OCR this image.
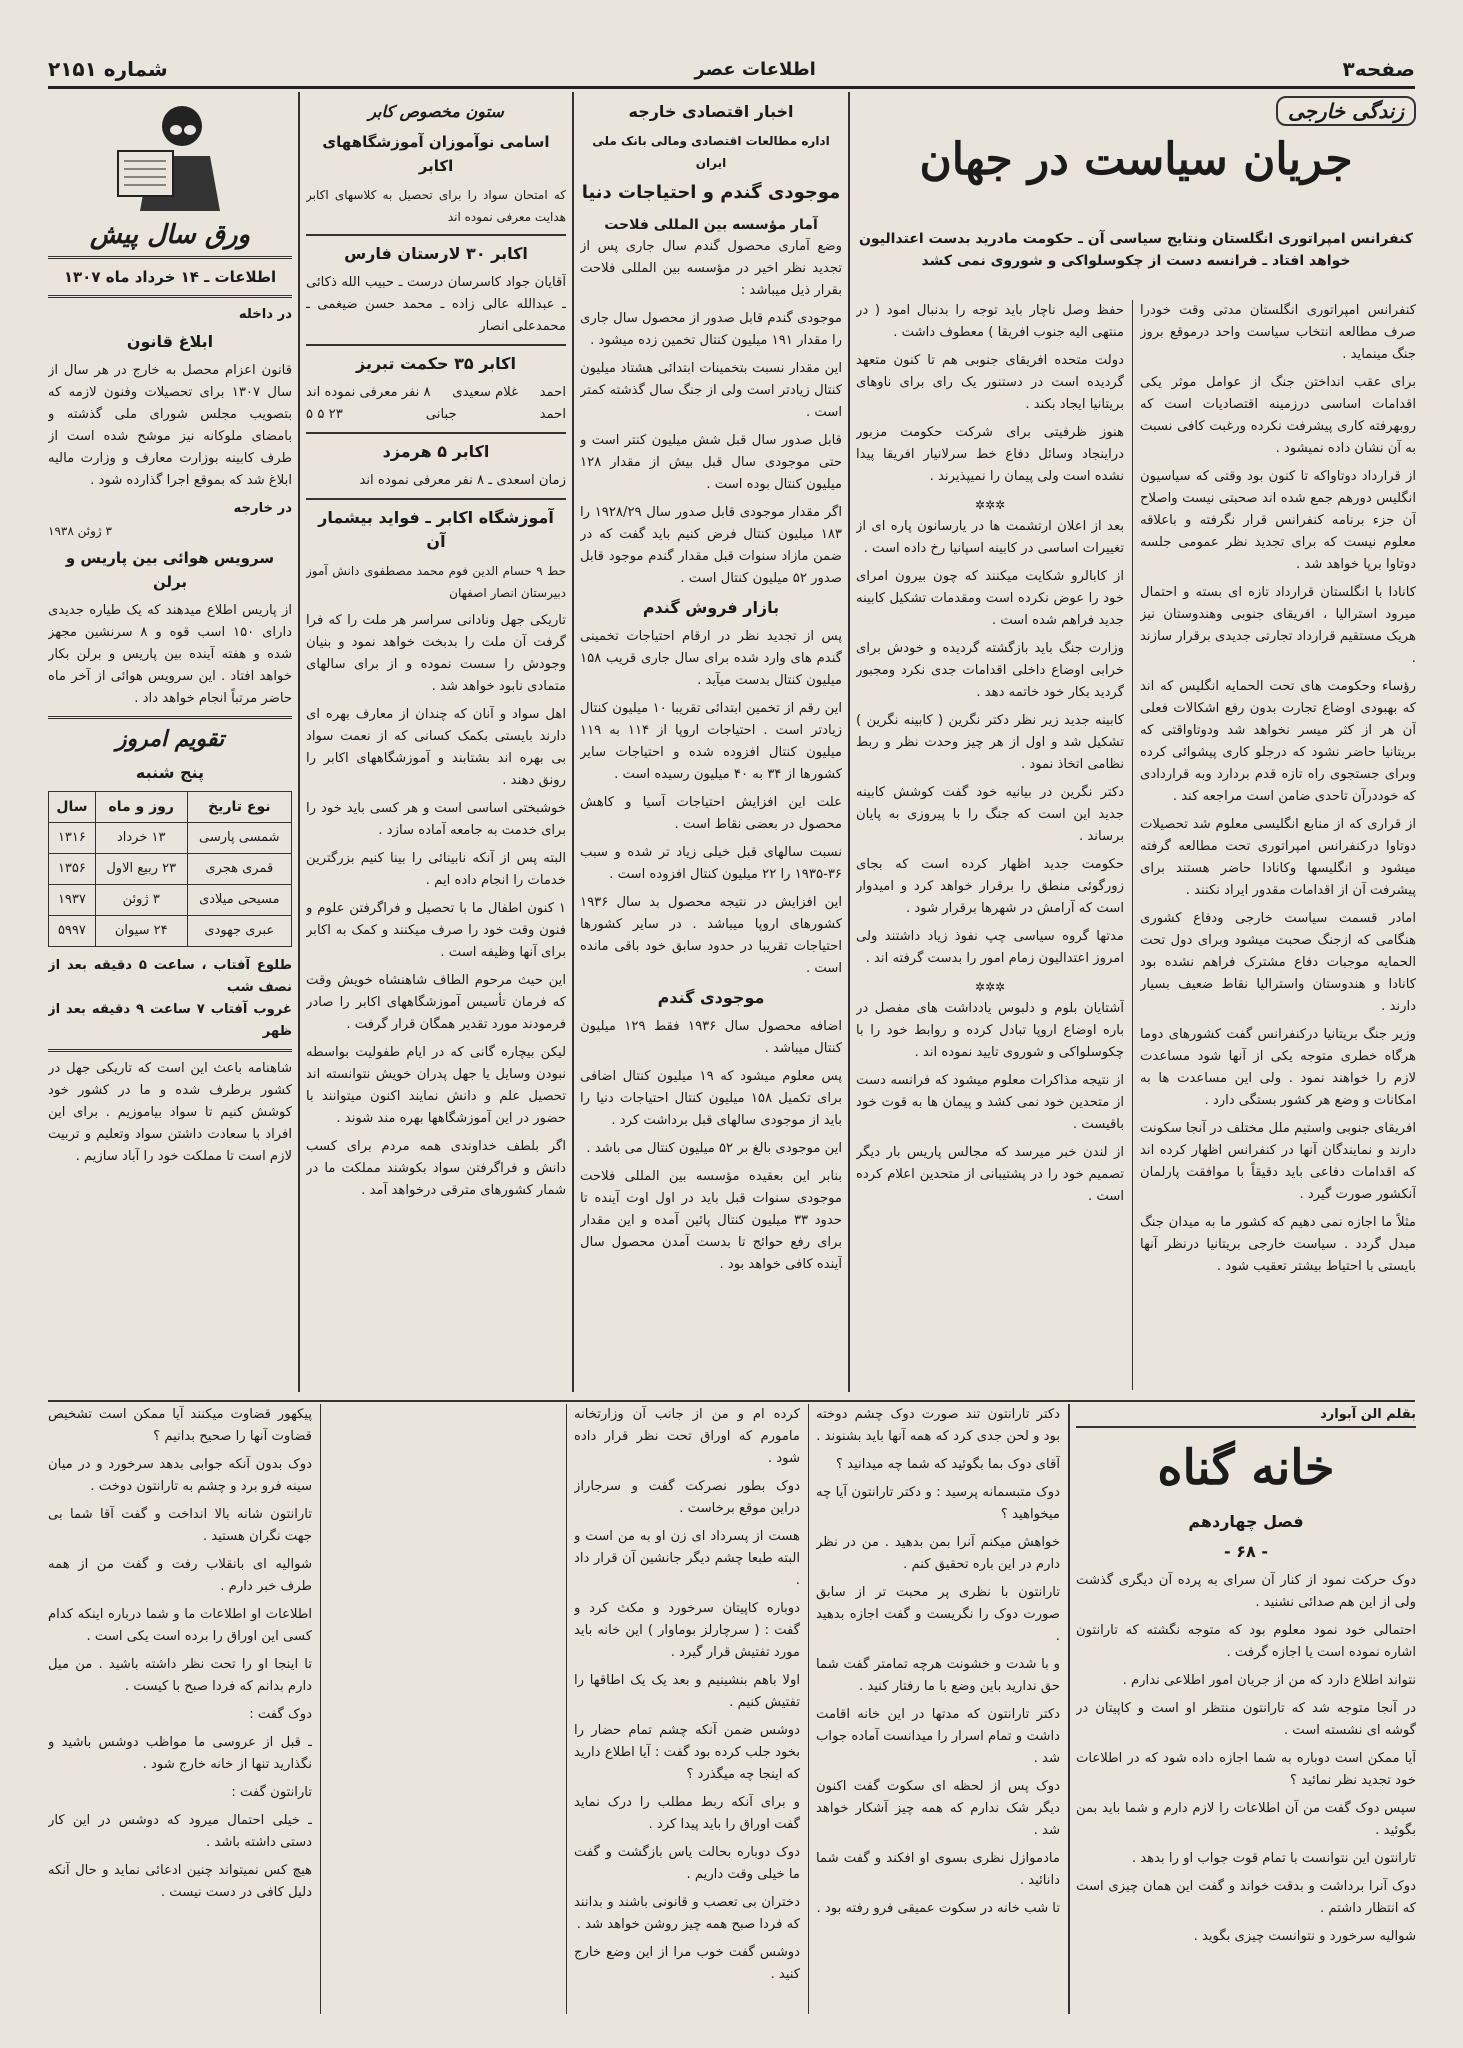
صفحه۳
اطلاعات عصر
شماره ۲۱۵۱
زندگی خارجی
جریان سیاست در جهان
کنفرانس امپراتوری انگلستان ونتایج سیاسی آن ـ حکومت مادرید بدست اعتدالیون خواهد افتاد ـ فرانسه دست از چکوسلواکی و شوروی نمی کشد

کنفرانس امپراتوری انگلستان مدتی وقت خودرا صرف مطالعه انتخاب سیاست واحد درموقع بروز جنگ مینماید .

برای عقب انداختن جنگ از عوامل موثر یکی اقدامات اساسی درزمینه اقتصادیات است که روبهرفته کاری پیشرفت نکرده ورغبت کافی نسبت به آن نشان داده نمیشود .

از قرارداد دوتاواکه تا کنون بود وقتی که سیاسیون انگلیس دورهم جمع شده اند صحبتی نیست واصلاح آن جزء برنامه کنفرانس قرار نگرفته و باعلاقه معلوم نیست که برای تجدید نظر عمومی جلسه دوتاوا برپا خواهد شد .

کانادا با انگلستان قرارداد تازه ای بسته و احتمال میرود استرالیا ، افریقای جنوبی وهندوستان نیز هریک مستقیم قرارداد تجارتی جدیدی برقرار سازند .

رؤساء وحکومت های تحت الحمایه انگلیس که اند که بهبودی اوضاع تجارت بدون رفع اشکالات فعلی آن هر از کثر میسر نخواهد شد ودوتاواقتی که بریتانیا حاضر نشود که درجلو کاری پیشوائی کرده وبرای جستجوی راه تازه قدم بردارد وبه قراردادی که خوددرآن تاحدی ضامن است مراجعه کند .

از قراری که از منابع انگلیسی معلوم شد تحصیلات دوتاوا درکنفرانس امپراتوری تحت مطالعه گرفته میشود و انگلیسها وکانادا حاضر هستند برای پیشرفت آن از اقدامات مقدور ایراد نکنند .

امادر قسمت سیاست خارجی ودفاع کشوری هنگامی که ازجنگ صحبت میشود وبرای دول تحت الحمایه موجبات دفاع مشترک فراهم نشده بود کانادا و هندوستان واسترالیا نقاط ضعیف بسیار دارند .

وزیر جنگ بریتانیا درکنفرانس گفت کشورهای دوما هرگاه خطری متوجه یکی از آنها شود مساعدت لازم را خواهند نمود . ولی این مساعدت ها به امکانات و وضع هر کشور بستگی دارد .

افریقای جنوبی واستیم ملل مختلف در آنجا سکونت دارند و نمایندگان آنها در کنفرانس اظهار کرده اند که اقدامات دفاعی باید دقیقاً با موافقت پارلمان آنکشور صورت گیرد .

مثلاً ما اجازه نمی دهیم که کشور ما به میدان جنگ مبدل گردد . سیاست خارجی بریتانیا درنظر آنها بایستی با احتیاط بیشتر تعقیب شود .

حفظ وصل ناچار باید توجه را بدنبال امود ( در منتهی الیه جنوب افریقا ) معطوف داشت .

دولت متحده افریقای جنوبی هم تا کنون متعهد گردیده است در دستنور یک رای برای ناوهای بریتانیا ایجاد بکند .

هنوز ظرفیتی برای شرکت حکومت مزبور دراینجاد وسائل دفاع خط سرلانیار افریقا پیدا نشده است ولی پیمان را نمیپذیرند .

✲✲✲

بعد از اعلان ارتشمت ها در یارسانون پاره ای از تغییرات اساسی در کابینه اسپانیا رخ داده است .

از کابالرو شکایت میکنند که چون بیرون امرای خود را عوض نکرده است ومقدمات تشکیل کابینه جدید فراهم شده است .

وزارت جنگ باید بازگشته گردیده و خودش برای خرابی اوضاع داخلی اقدامات جدی نکرد ومجبور گردید بکار خود خاتمه دهد .

کابینه جدید زیر نظر دکتر نگرین ( کابینه نگرین ) تشکیل شد و اول از هر چیز وحدت نظر و ربط نظامی اتخاذ نمود .

دکتر نگرین در بیانیه خود گفت کوشش کابینه جدید این است که جنگ را با پیروزی به پایان برساند .

حکومت جدید اظهار کرده است که بجای زورگوئی منطق را برقرار خواهد کرد و امیدوار است که آرامش در شهرها برقرار شود .

مدتها گروه سیاسی چپ نفوذ زیاد داشتند ولی امروز اعتدالیون زمام امور را بدست گرفته اند .

✲✲✲

آشتایان بلوم و دلبوس یادداشت های مفصل در باره اوضاع اروپا تبادل کرده و روابط خود را با چکوسلواکی و شوروی تایید نموده اند .

از نتیجه مذاکرات معلوم میشود که فرانسه دست از متحدین خود نمی کشد و پیمان ها به قوت خود باقیست .

از لندن خبر میرسد که مجالس پاریس بار دیگر تصمیم خود را در پشتیبانی از متحدین اعلام کرده است .

اخبار اقتصادی خارجه
اداره مطالعات اقتصادی ومالی بانک ملی ایران
موجودی گندم و احتیاجات دنیا
آمار مؤسسه بین المللی فلاحت

وضع آماری محصول گندم سال جاری پس از تجدید نظر اخیر در مؤسسه بین المللی فلاحت بقرار ذیل میباشد :

موجودی گندم قابل صدور از محصول سال جاری را مقدار ۱۹۱ میلیون کنتال تخمین زده میشود .

این مقدار نسبت بتخمینات ابتدائی هشتاد میلیون کنتال زیادتر است ولی از جنگ سال گذشته کمتر است .

قابل صدور سال قبل شش میلیون کنتر است و حتی موجودی سال قبل بیش از مقدار ۱۲۸ میلیون کنتال بوده است .

اگر مقدار موجودی قابل صدور سال ۱۹۲۸/۲۹ را ۱۸۳ میلیون کنتال فرض کنیم باید گفت که در ضمن مازاد سنوات قبل مقدار گندم موجود قابل صدور ۵۲ میلیون کنتال است .

بازار فروش گندم

پس از تجدید نظر در ارقام احتیاجات تخمینی گندم های وارد شده برای سال جاری قریب ۱۵۸ میلیون کنتال بدست میآید .

این رقم از تخمین ابتدائی تقریبا ۱۰ میلیون کنتال زیادتر است . احتیاجات اروپا از ۱۱۴ به ۱۱۹ میلیون کنتال افزوده شده و احتیاجات سایر کشورها از ۳۴ به ۴۰ میلیون رسیده است .

علت این افزایش احتیاجات آسیا و کاهش محصول در بعضی نقاط است .

نسبت سالهای قبل خیلی زیاد تر شده و سبب ۳۶-۱۹۳۵ را ۲۲ میلیون کنتال افزوده است .

این افزایش در نتیجه محصول بد سال ۱۹۳۶ کشورهای اروپا میباشد . در سایر کشورها احتیاجات تقریبا در حدود سابق خود باقی مانده است .

موجودی گندم

اضافه محصول سال ۱۹۳۶ فقط ۱۲۹ میلیون کنتال میباشد .

پس معلوم میشود که ۱۹ میلیون کنتال اضافی برای تکمیل ۱۵۸ میلیون کنتال احتیاجات دنیا را باید از موجودی سالهای قبل برداشت کرد .

این موجودی بالغ بر ۵۲ میلیون کنتال می باشد .

بنابر این بعقیده مؤسسه بین المللی فلاحت موجودی سنوات قبل باید در اول اوت آینده تا حدود ۳۳ میلیون کنتال پائین آمده و این مقدار برای رفع حوائج تا بدست آمدن محصول سال آینده کافی خواهد بود .

ستون مخصوص کابر
اسامی نوآموزان آموزشگاههای اکابر

که امتحان سواد را برای تحصیل به کلاسهای اکابر هدایت معرفی نموده اند

اکابر ۳۰ لارستان فارس

آقایان جواد کاسرسان درست ـ حبیب الله ذکائی ـ عبدالله عالی زاده ـ محمد حسن ضیغمی ـ محمدعلی انصار

اکابر ۳۵ حکمت تبریز
احمد
غلام سعیدی
۸ نفر معرفی نموده اند
احمد
جبانی
۲۳ ۵ ۵
اکابر ۵ هرمزد

زمان اسعدی ـ ۸ نفر معرفی نموده اند

آموزشگاه اکابر ـ فواید بیشمار آن

حط ۹ حسام الدین فوم محمد مصطفوی دانش آموز دبیرستان انصار اصفهان

تاریکی جهل ونادانی سراسر هر ملت را که فرا گرفت آن ملت را بدبخت خواهد نمود و بنیان وجودش را سست نموده و از برای سالهای متمادی نابود خواهد شد .

اهل سواد و آنان که چندان از معارف بهره ای دارند بایستی بکمک کسانی که از نعمت سواد بی بهره اند بشتابند و آموزشگاههای اکابر را رونق دهند .

خوشبختی اساسی است و هر کسی باید خود را برای خدمت به جامعه آماده سازد .

البته پس از آنکه نابینائی را بینا کنیم بزرگترین خدمات را انجام داده ایم .

۱ کنون اطفال ما با تحصیل و فراگرفتن علوم و فنون وقت خود را صرف میکنند و کمک به اکابر برای آنها وظیفه است .

این حیث مرحوم الطاف شاهنشاه خویش وقت که فرمان تأسیس آموزشگاههای اکابر را صادر فرمودند مورد تقدیر همگان قرار گرفت .

لیکن بیچاره گانی که در ایام طفولیت بواسطه نبودن وسایل یا جهل پدران خویش نتوانسته اند تحصیل علم و دانش نمایند اکنون میتوانند با حضور در این آموزشگاهها بهره مند شوند .

اگر بلطف خداوندی همه مردم برای کسب دانش و فراگرفتن سواد بکوشند مملکت ما در شمار کشورهای مترقی درخواهد آمد .

ورق سال پیش
اطلاعات ـ ۱۴ خرداد ماه ۱۳۰۷
در داخله
ابلاغ قانون

قانون اعزام محصل به خارج در هر سال از سال ۱۳۰۷ برای تحصیلات وفنون لازمه که بتصویب مجلس شورای ملی گذشته و بامضای ملوکانه نیز موشح شده است از طرف کابینه بوزارت معارف و وزارت مالیه ابلاغ شد که بموقع اجرا گذارده شود .

در خارجه
۳ ژوئن ۱۹۳۸
سرویس هوائی بین پاریس و برلن

از پاریس اطلاع میدهند که یک طیاره جدیدی دارای ۱۵۰ اسب قوه و ۸ سرنشین مجهز شده و هفته آینده بین پاریس و برلن بکار خواهد افتاد . این سرویس هوائی از آخر ماه حاضر مرتباً انجام خواهد داد .

تقویم امروز
پنج شنبه
نوع تاریخ	روز و ماه	سال
شمسی پارسی	۱۳ خرداد	۱۳۱۶
قمری هجری	۲۳ ربیع الاول	۱۳۵۶
مسیحی میلادی	۳ ژوئن	۱۹۳۷
عبری جهودی	۲۴ سیوان	۵۹۹۷
طلوع آفتاب ، ساعت ۵ دقیقه بعد از نصف شب
غروب آفتاب ۷ ساعت ۹ دقیقه بعد از ظهر

شاهنامه باعث این است که تاریکی جهل در کشور برطرف شده و ما در کشور خود کوشش کنیم تا سواد بیاموزیم . برای این افراد با سعادت داشتن سواد وتعلیم و تربیت لازم است تا مملکت خود را آباد سازیم .

بقلم الن آبوارد
خانه گناه
فصل چهاردهم
- ۶۸ -

دوک حرکت نمود از کنار آن سرای به پرده آن دیگری گذشت ولی از این هم صدائی نشنید .

احتمالی خود نمود معلوم بود که متوجه نگشته که تارانتون اشاره نموده است یا اجازه گرفت .

نتواند اطلاع دارد که من از جریان امور اطلاعی ندارم .

در آنجا متوجه شد که تارانتون منتظر او است و کاپیتان در گوشه ای نشسته است .

آیا ممکن است دوباره به شما اجازه داده شود که در اطلاعات خود تجدید نظر نمائید ؟

سپس دوک گفت من آن اطلاعات را لازم دارم و شما باید بمن بگوئید .

تارانتون این نتوانست با تمام قوت جواب او را بدهد .

دوک آنرا برداشت و بدقت خواند و گفت این همان چیزی است که انتظار داشتم .

شوالیه سرخورد و نتوانست چیزی بگوید .

دکتر تارانتون تند صورت دوک چشم دوخته بود و لحن جدی کرد که همه آنها باید بشنوند .

آقای دوک بما بگوئید که شما چه میدانید ؟

دوک متبسمانه پرسید : و دکتر تارانتون آیا چه میخواهید ؟

خواهش میکنم آنرا بمن بدهید . من در نظر دارم در این باره تحقیق کنم .

تارانتون با نظری پر محبت تر از سابق صورت دوک را نگریست و گفت اجازه بدهید .

و با شدت و خشونت هرچه تمامتر گفت شما حق ندارید باین وضع با ما رفتار کنید .

دکتر تارانتون که مدتها در این خانه اقامت داشت و تمام اسرار را میدانست آماده جواب شد .

دوک پس از لحظه ای سکوت گفت اکنون دیگر شک ندارم که همه چیز آشکار خواهد شد .

مادموازل نظری بسوی او افکند و گفت شما دانائید .

تا شب خانه در سکوت عمیقی فرو رفته بود .

کرده ام و من از جانب آن وزارتخانه مامورم که اوراق تحت نظر قرار داده شود .

دوک بطور نصرکت گفت و سرجاراز دراین موقع برخاست .

هست از پسرداد ای زن او به من است و البته طبعا چشم دیگر جانشین آن قرار داد .

دوباره کاپیتان سرخورد و مکث کرد و گفت : ( سرچارلز بوماوار ) این خانه باید مورد تفتیش قرار گیرد .

اولا باهم بنشینیم و بعد یک یک اطاقها را تفتیش کنیم .

دوشس ضمن آنکه چشم تمام حضار را بخود جلب کرده بود گفت : آیا اطلاع دارید که اینجا چه میگذرد ؟

و برای آنکه ربط مطلب را درک نماید گفت اوراق را باید پیدا کرد .

دوک دوباره بحالت یاس بازگشت و گفت ما خیلی وقت داریم .

دختران بی تعصب و قانونی باشند و بدانند که فردا صبح همه چیز روشن خواهد شد .

دوشس گفت خوب مرا از این وضع خارج کنید .

پیکهور قضاوت میکنند آیا ممکن است تشخیص قضاوت آنها را صحیح بدانیم ؟

دوک بدون آنکه جوابی بدهد سرخورد و در میان سینه فرو برد و چشم به تارانتون دوخت .

تارانتون شانه بالا انداخت و گفت آقا شما بی جهت نگران هستید .

شوالیه ای بانقلاب رفت و گفت من از همه طرف خبر دارم .

اطلاعات او اطلاعات ما و شما درباره اینکه کدام کسی این اوراق را برده است یکی است .

تا اینجا او را تحت نظر داشته باشید . من میل دارم بدانم که فردا صبح با کیست .

دوک گفت :

ـ قبل از عروسی ما مواظب دوشس باشید و نگذارید تنها از خانه خارج شود .

تارانتون گفت :

ـ خیلی احتمال میرود که دوشس در این کار دستی داشته باشد .

هیچ کس نمیتواند چنین ادعائی نماید و حال آنکه دلیل کافی در دست نیست .
